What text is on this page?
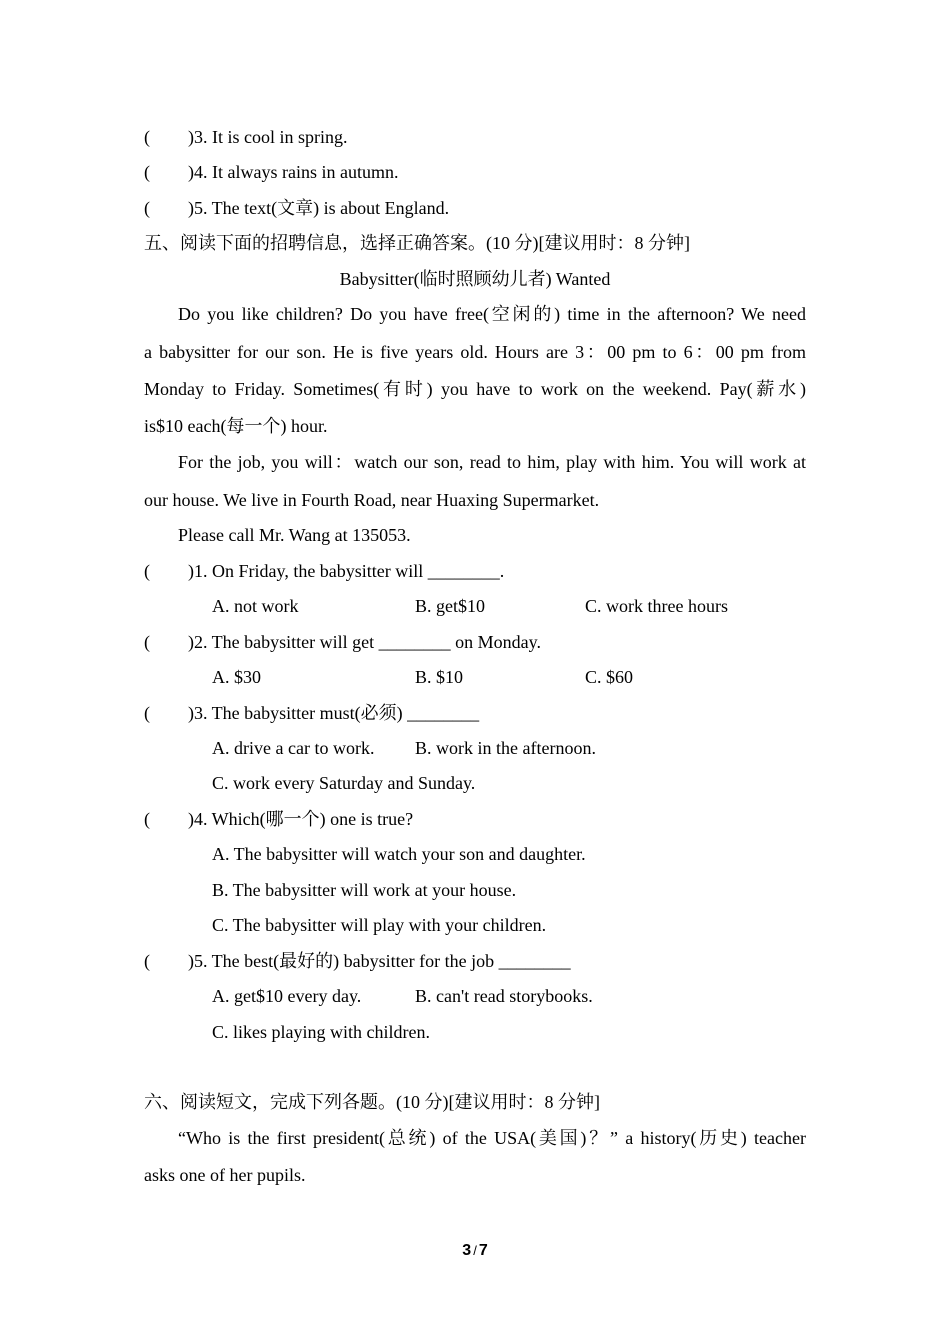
( )3. It is cool in spring.
( )4. It always rains in autumn.
( )5. The text(文章) is about England.
五、阅读下面的招聘信息，选择正确答案。(10 分)[建议用时：8 分钟]
Babysitter(临时照顾幼儿者) Wanted
Do you like children? Do you have free(空闲的) time in the afternoon? We need
a babysitter for our son. He is five years old. Hours are 3：00 pm to 6：00 pm from
Monday to Friday. Sometimes(有时) you have to work on the weekend. Pay(薪水)
is$10 each(每一个) hour.
For the job, you will：watch our son, read to him, play with him. You will work at
our house. We live in Fourth Road, near Huaxing Supermarket.
Please call Mr. Wang at 135053.
( )1. On Friday, the babysitter will ________.
A. not work	B. get$10	C. work three hours
( )2. The babysitter will get ________ on Monday.
A. $30	B. $10	C. $60
( )3. The babysitter must(必须) ________
A. drive a car to work. B. work in the afternoon.
C. work every Saturday and Sunday.
( )4. Which(哪一个) one is true?
A. The babysitter will watch your son and daughter.
B. The babysitter will work at your house.
C. The babysitter will play with your children.
( )5. The best(最好的) babysitter for the job ________
A. get$10 every day.	B. can't read storybooks.
C. likes playing with children.
六、阅读短文，完成下列各题。(10 分)[建议用时：8 分钟]
“Who is the first president(总统) of the USA(美国)？” a history(历史) teacher
asks one of her pupils.
3 / 7
